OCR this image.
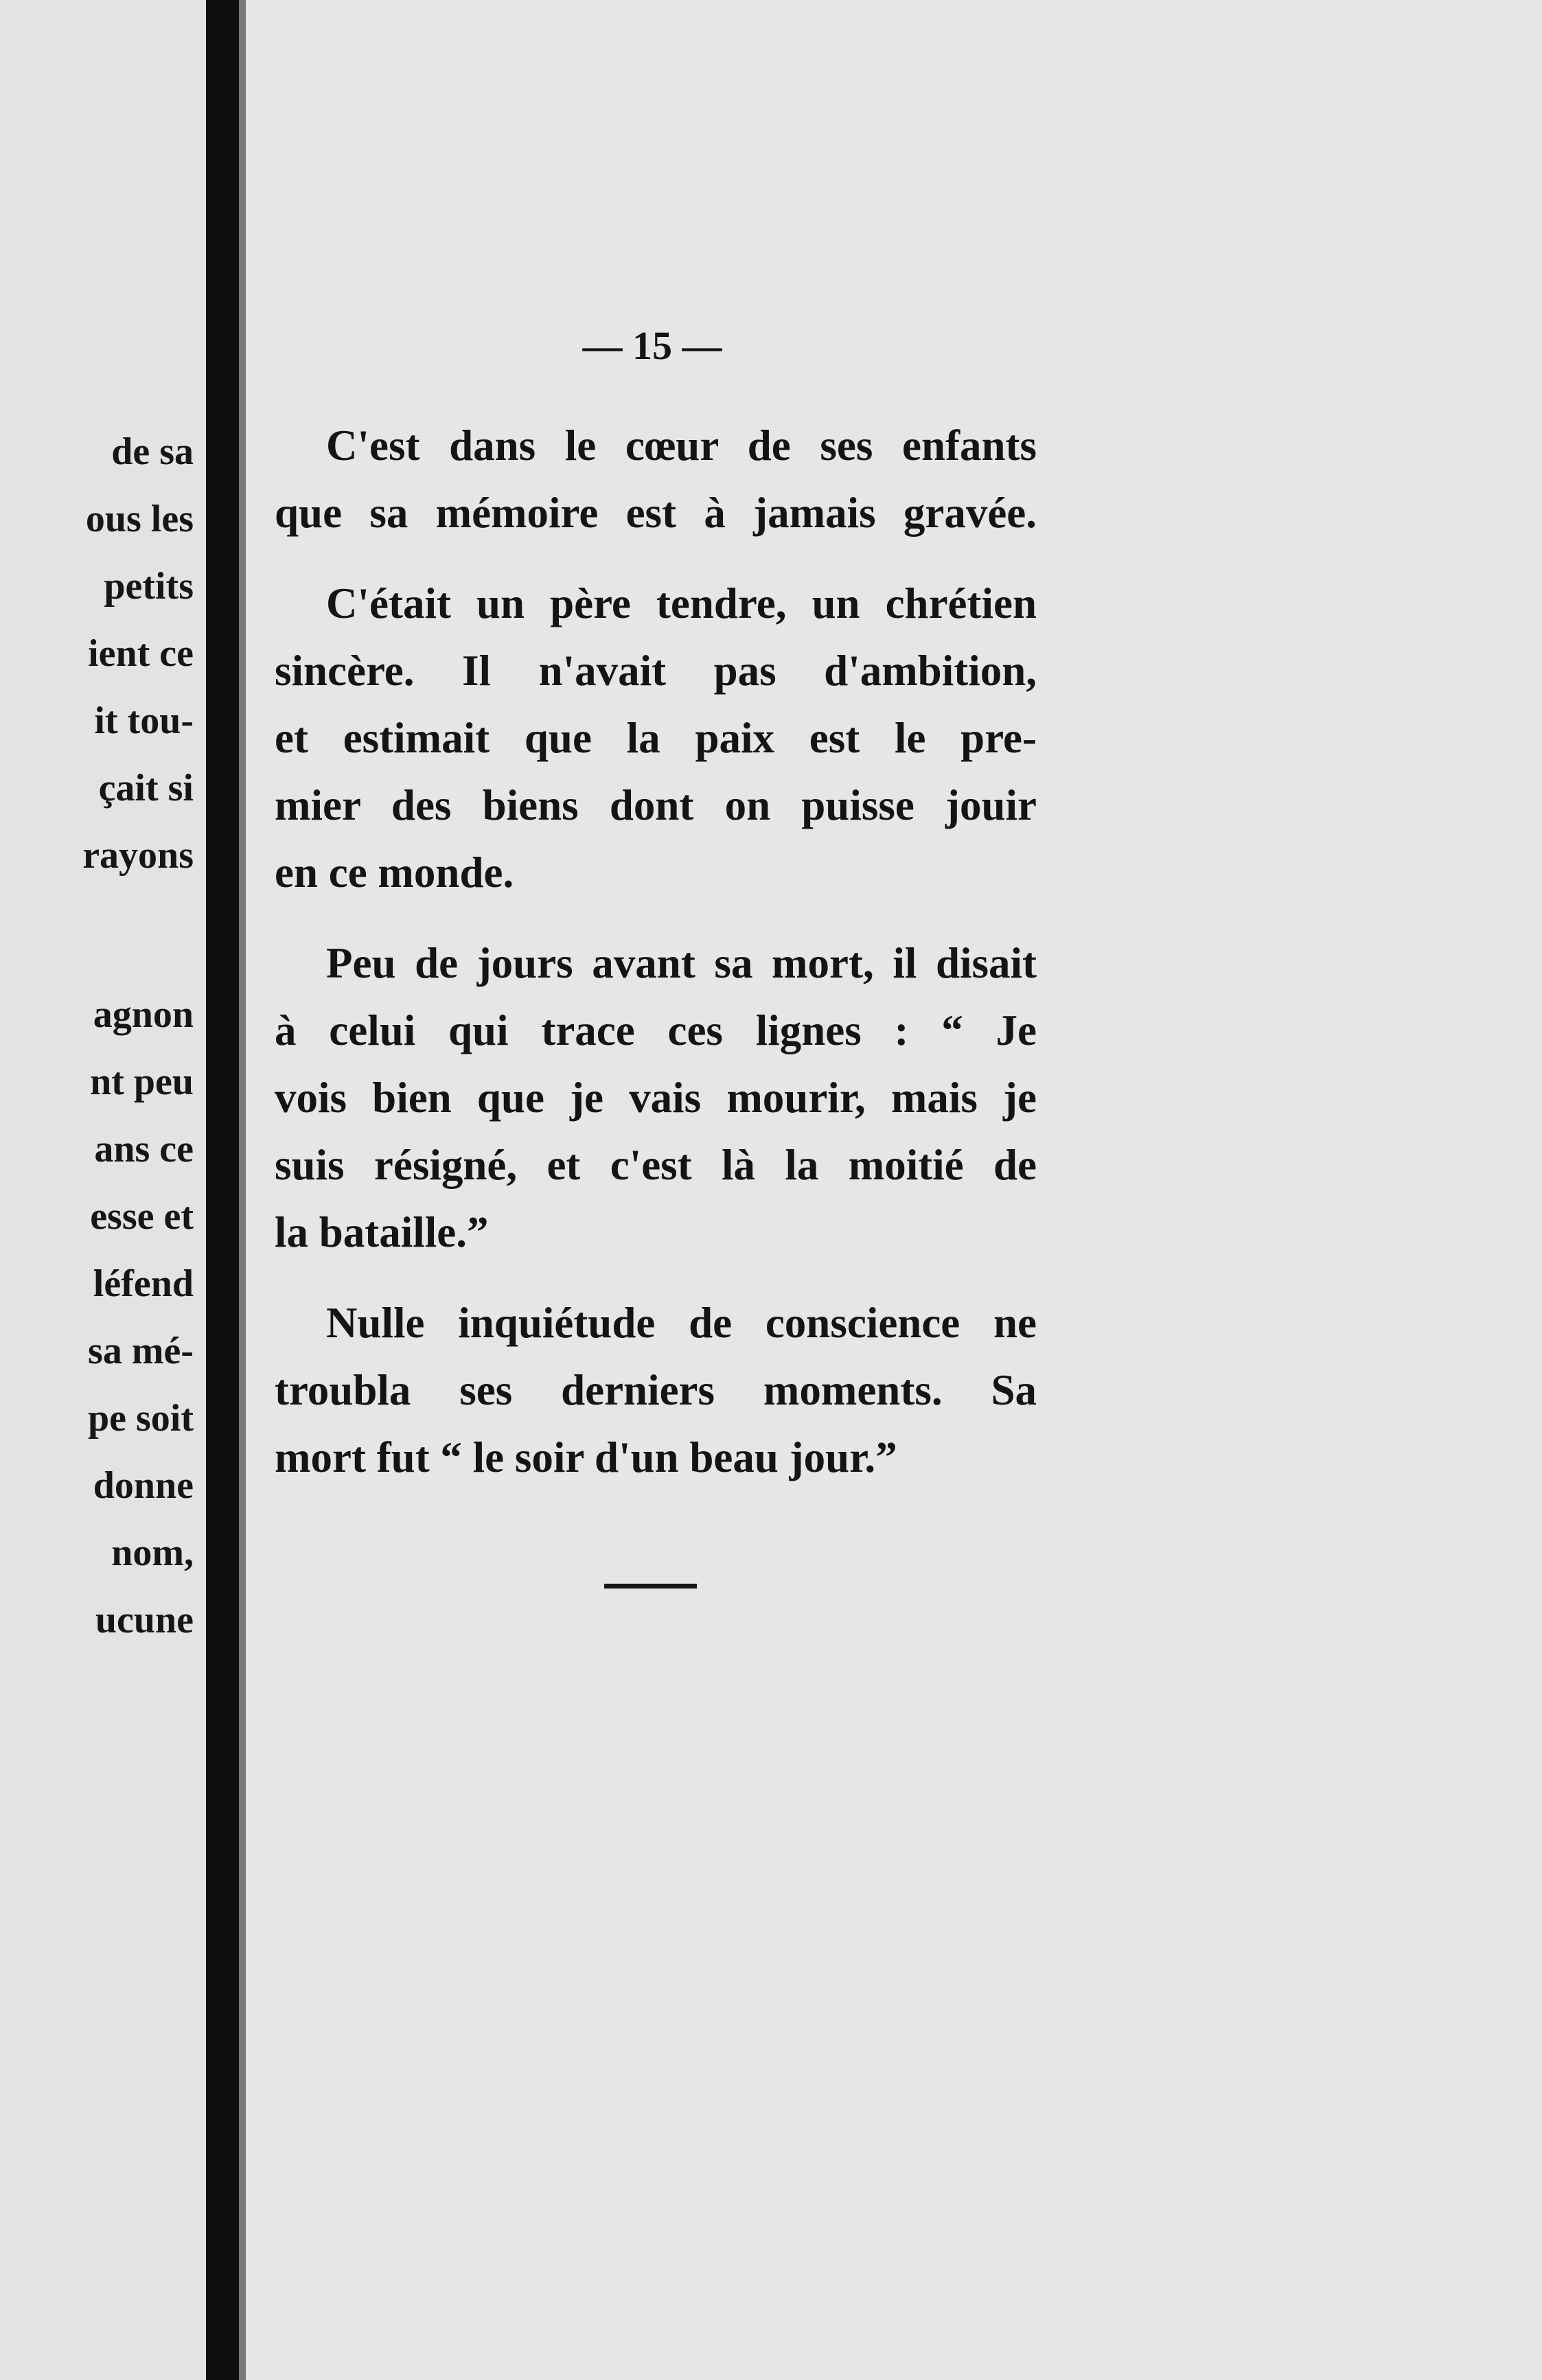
de sa
ous les
petits
ient ce
it tou-
çait si
rayons
agnon
nt peu
ans ce
esse et
léfend
sa mé-
pe soit
donne
nom,
ucune
— 15 —
C'est dans le cœur de ses enfants
que sa mémoire est à jamais gravée.
C'était un père tendre, un chrétien
sincère. Il n'avait pas d'ambition,
et estimait que la paix est le pre-
mier des biens dont on puisse jouir
en ce monde.
Peu de jours avant sa mort, il disait
à celui qui trace ces lignes : “ Je
vois bien que je vais mourir, mais je
suis résigné, et c'est là la moitié de
la bataille.”
Nulle inquiétude de conscience ne
troubla ses derniers moments. Sa
mort fut “ le soir d'un beau jour.”
